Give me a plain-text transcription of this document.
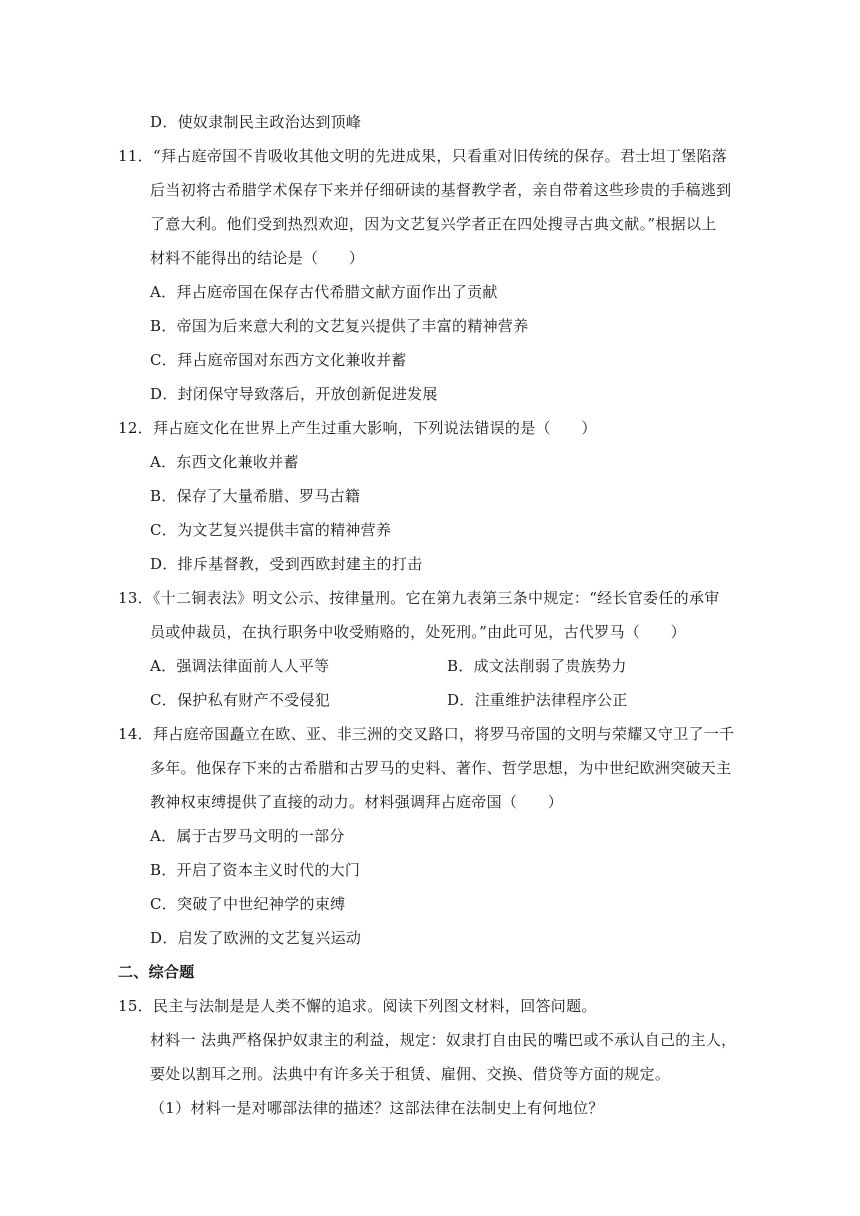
D．使奴隶制民主政治达到顶峰
11．“拜占庭帝国不肯吸收其他文明的先进成果，只看重对旧传统的保存。君士坦丁堡陷落
后当初将古希腊学术保存下来并仔细研读的基督教学者，亲自带着这些珍贵的手稿逃到
了意大利。他们受到热烈欢迎，因为文艺复兴学者正在四处搜寻古典文献。”根据以上
材料不能得出的结论是（　　）
A．拜占庭帝国在保存古代希腊文献方面作出了贡献
B．帝国为后来意大利的文艺复兴提供了丰富的精神营养
C．拜占庭帝国对东西方文化兼收并蓄
D．封闭保守导致落后，开放创新促进发展
12．拜占庭文化在世界上产生过重大影响，下列说法错误的是（　　）
A．东西文化兼收并蓄
B．保存了大量希腊、罗马古籍
C．为文艺复兴提供丰富的精神营养
D．排斥基督教，受到西欧封建主的打击
13．《十二铜表法》明文公示、按律量刑。它在第九表第三条中规定：“经长官委任的承审
员或仲裁员，在执行职务中收受贿赂的，处死刑。”由此可见，古代罗马（　　）
A．强调法律面前人人平等	B．成文法削弱了贵族势力
C．保护私有财产不受侵犯	D．注重维护法律程序公正
14．拜占庭帝国矗立在欧、亚、非三洲的交叉路口，将罗马帝国的文明与荣耀又守卫了一千
多年。他保存下来的古希腊和古罗马的史料、著作、哲学思想，为中世纪欧洲突破天主
教神权束缚提供了直接的动力。材料强调拜占庭帝国（　　）
A．属于古罗马文明的一部分
B．开启了资本主义时代的大门
C．突破了中世纪神学的束缚
D．启发了欧洲的文艺复兴运动
二、综合题
15．民主与法制是是人类不懈的追求。阅读下列图文材料，回答问题。
材料一 法典严格保护奴隶主的利益，规定：奴隶打自由民的嘴巴或不承认自己的主人，
要处以割耳之刑。法典中有许多关于租赁、雇佣、交换、借贷等方面的规定。
（1）材料一是对哪部法律的描述？这部法律在法制史上有何地位？
